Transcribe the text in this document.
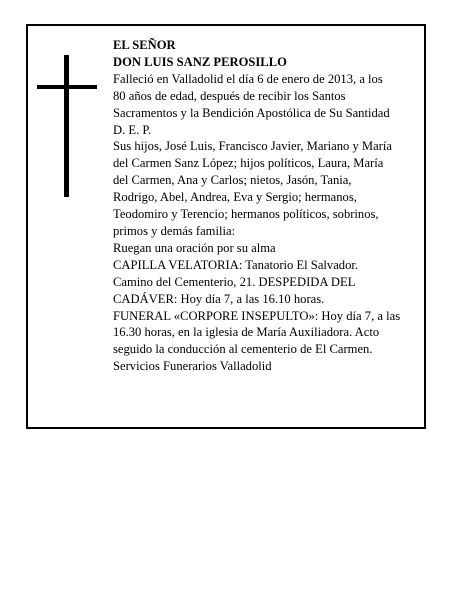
EL SEÑOR
DON LUIS SANZ PEROSILLO
Falleció en Valladolid el día 6 de enero de 2013, a los
80 años de edad, después de recibir los Santos
Sacramentos y la Bendición Apostólica de Su Santidad
D. E. P.
Sus hijos, José Luis, Francisco Javier, Mariano y María
del Carmen Sanz López; hijos políticos, Laura, María
del Carmen, Ana y Carlos; nietos, Jasón, Tania,
Rodrigo, Abel, Andrea, Eva y Sergio; hermanos,
Teodomiro y Terencio; hermanos políticos, sobrinos,
primos y demás familia:
Ruegan una oración por su alma
CAPILLA VELATORIA: Tanatorio El Salvador.
Camino del Cementerio, 21. DESPEDIDA DEL
CADÁVER: Hoy día 7, a las 16.10 horas.
FUNERAL «CORPORE INSEPULTO»: Hoy día 7, a las
16.30 horas, en la iglesia de María Auxiliadora. Acto
seguido la conducción al cementerio de El Carmen.
Servicios Funerarios Valladolid
